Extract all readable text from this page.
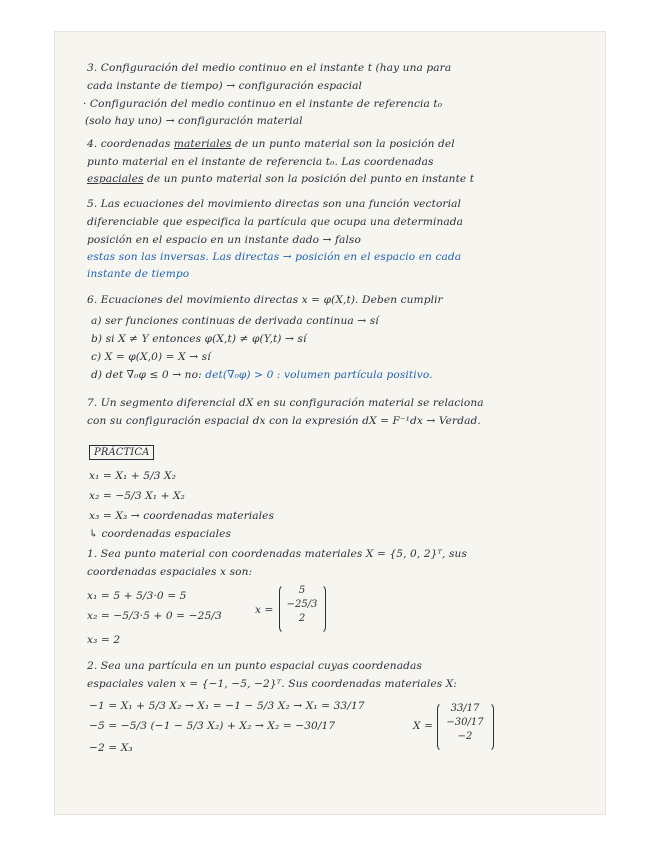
3. Configuración del medio continuo en el instante t (hay una para
cada instante de tiempo) → configuración espacial
· Configuración del medio continuo en el instante de referencia t₀
(solo hay uno) → configuración material
4. coordenadas materiales de un punto material son la posición del
punto material en el instante de referencia t₀. Las coordenadas
espaciales de un punto material son la posición del punto en instante t
5. Las ecuaciones del movimiento directas son una función vectorial
diferenciable que especifica la partícula que ocupa una determinada
posición en el espacio en un instante dado → falso
estas son las inversas. Las directas → posición en el espacio en cada
instante de tiempo
6. Ecuaciones del movimiento directas x = φ(X,t). Deben cumplir
a) ser funciones continuas de derivada continua → sí
b) si X ≠ Y entonces φ(X,t) ≠ φ(Y,t) → sí
c) X = φ(X,0) = X → sí
d) det ∇₀φ ≤ 0 → no: det(∇₀φ) > 0 : volumen partícula positivo.
7. Un segmento diferencial dX en su configuración material se relaciona
con su configuración espacial dx con la expresión dX = F⁻¹dx → Verdad.
PRÁCTICA
x₁ = X₁ + 5/3 X₂
x₂ = −5/3 X₁ + X₂
x₃ = X₃ → coordenadas materiales
↳ coordenadas espaciales
1. Sea punto material con coordenadas materiales X = {5, 0, 2}ᵀ, sus
coordenadas espaciales x son:
x₁ = 5 + 5/3·0 = 5
x₂ = −5/3·5 + 0 = −25/3
x₃ = 2
x =
5
−25/3
2
2. Sea una partícula en un punto espacial cuyas coordenadas
espaciales valen x = {−1, −5, −2}ᵀ. Sus coordenadas materiales X:
−1 = X₁ + 5/3 X₂ → X₁ = −1 − 5/3 X₂ → X₁ = 33/17
−5 = −5/3 (−1 − 5/3 X₂) + X₂ → X₂ = −30/17
−2 = X₃
X =
33/17
−30/17
−2
